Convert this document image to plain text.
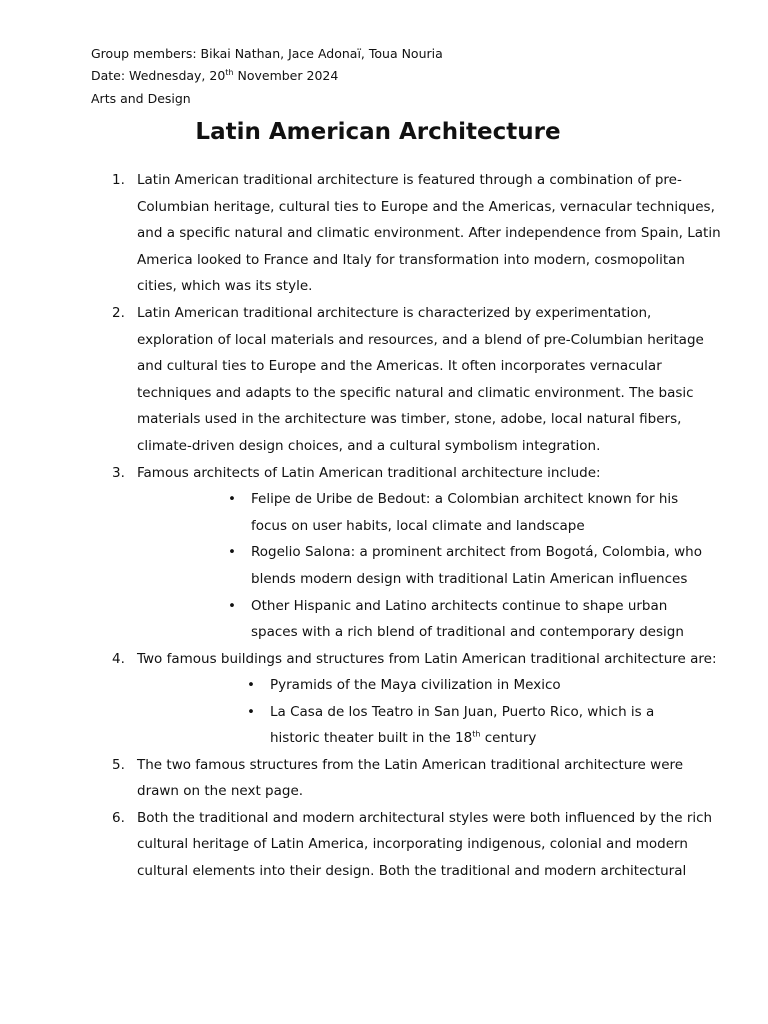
Group members: Bikai Nathan, Jace Adonaï, Toua Nouria
Date: Wednesday, 20th November 2024
Arts and Design
Latin American Architecture
1. Latin American traditional architecture is featured through a combination of pre-
Columbian heritage, cultural ties to Europe and the Americas, vernacular techniques,
and a specific natural and climatic environment. After independence from Spain, Latin
America looked to France and Italy for transformation into modern, cosmopolitan
cities, which was its style.
2. Latin American traditional architecture is characterized by experimentation,
exploration of local materials and resources, and a blend of pre-Columbian heritage
and cultural ties to Europe and the Americas. It often incorporates vernacular
techniques and adapts to the specific natural and climatic environment. The basic
materials used in the architecture was timber, stone, adobe, local natural fibers,
climate-driven design choices, and a cultural symbolism integration.
3. Famous architects of Latin American traditional architecture include:
• Felipe de Uribe de Bedout: a Colombian architect known for his
focus on user habits, local climate and landscape
• Rogelio Salona: a prominent architect from Bogotá, Colombia, who
blends modern design with traditional Latin American influences
• Other Hispanic and Latino architects continue to shape urban
spaces with a rich blend of traditional and contemporary design
4. Two famous buildings and structures from Latin American traditional architecture are:
• Pyramids of the Maya civilization in Mexico
• La Casa de los Teatro in San Juan, Puerto Rico, which is a
historic theater built in the 18th century
5. The two famous structures from the Latin American traditional architecture were
drawn on the next page.
6. Both the traditional and modern architectural styles were both influenced by the rich
cultural heritage of Latin America, incorporating indigenous, colonial and modern
cultural elements into their design. Both the traditional and modern architectural
